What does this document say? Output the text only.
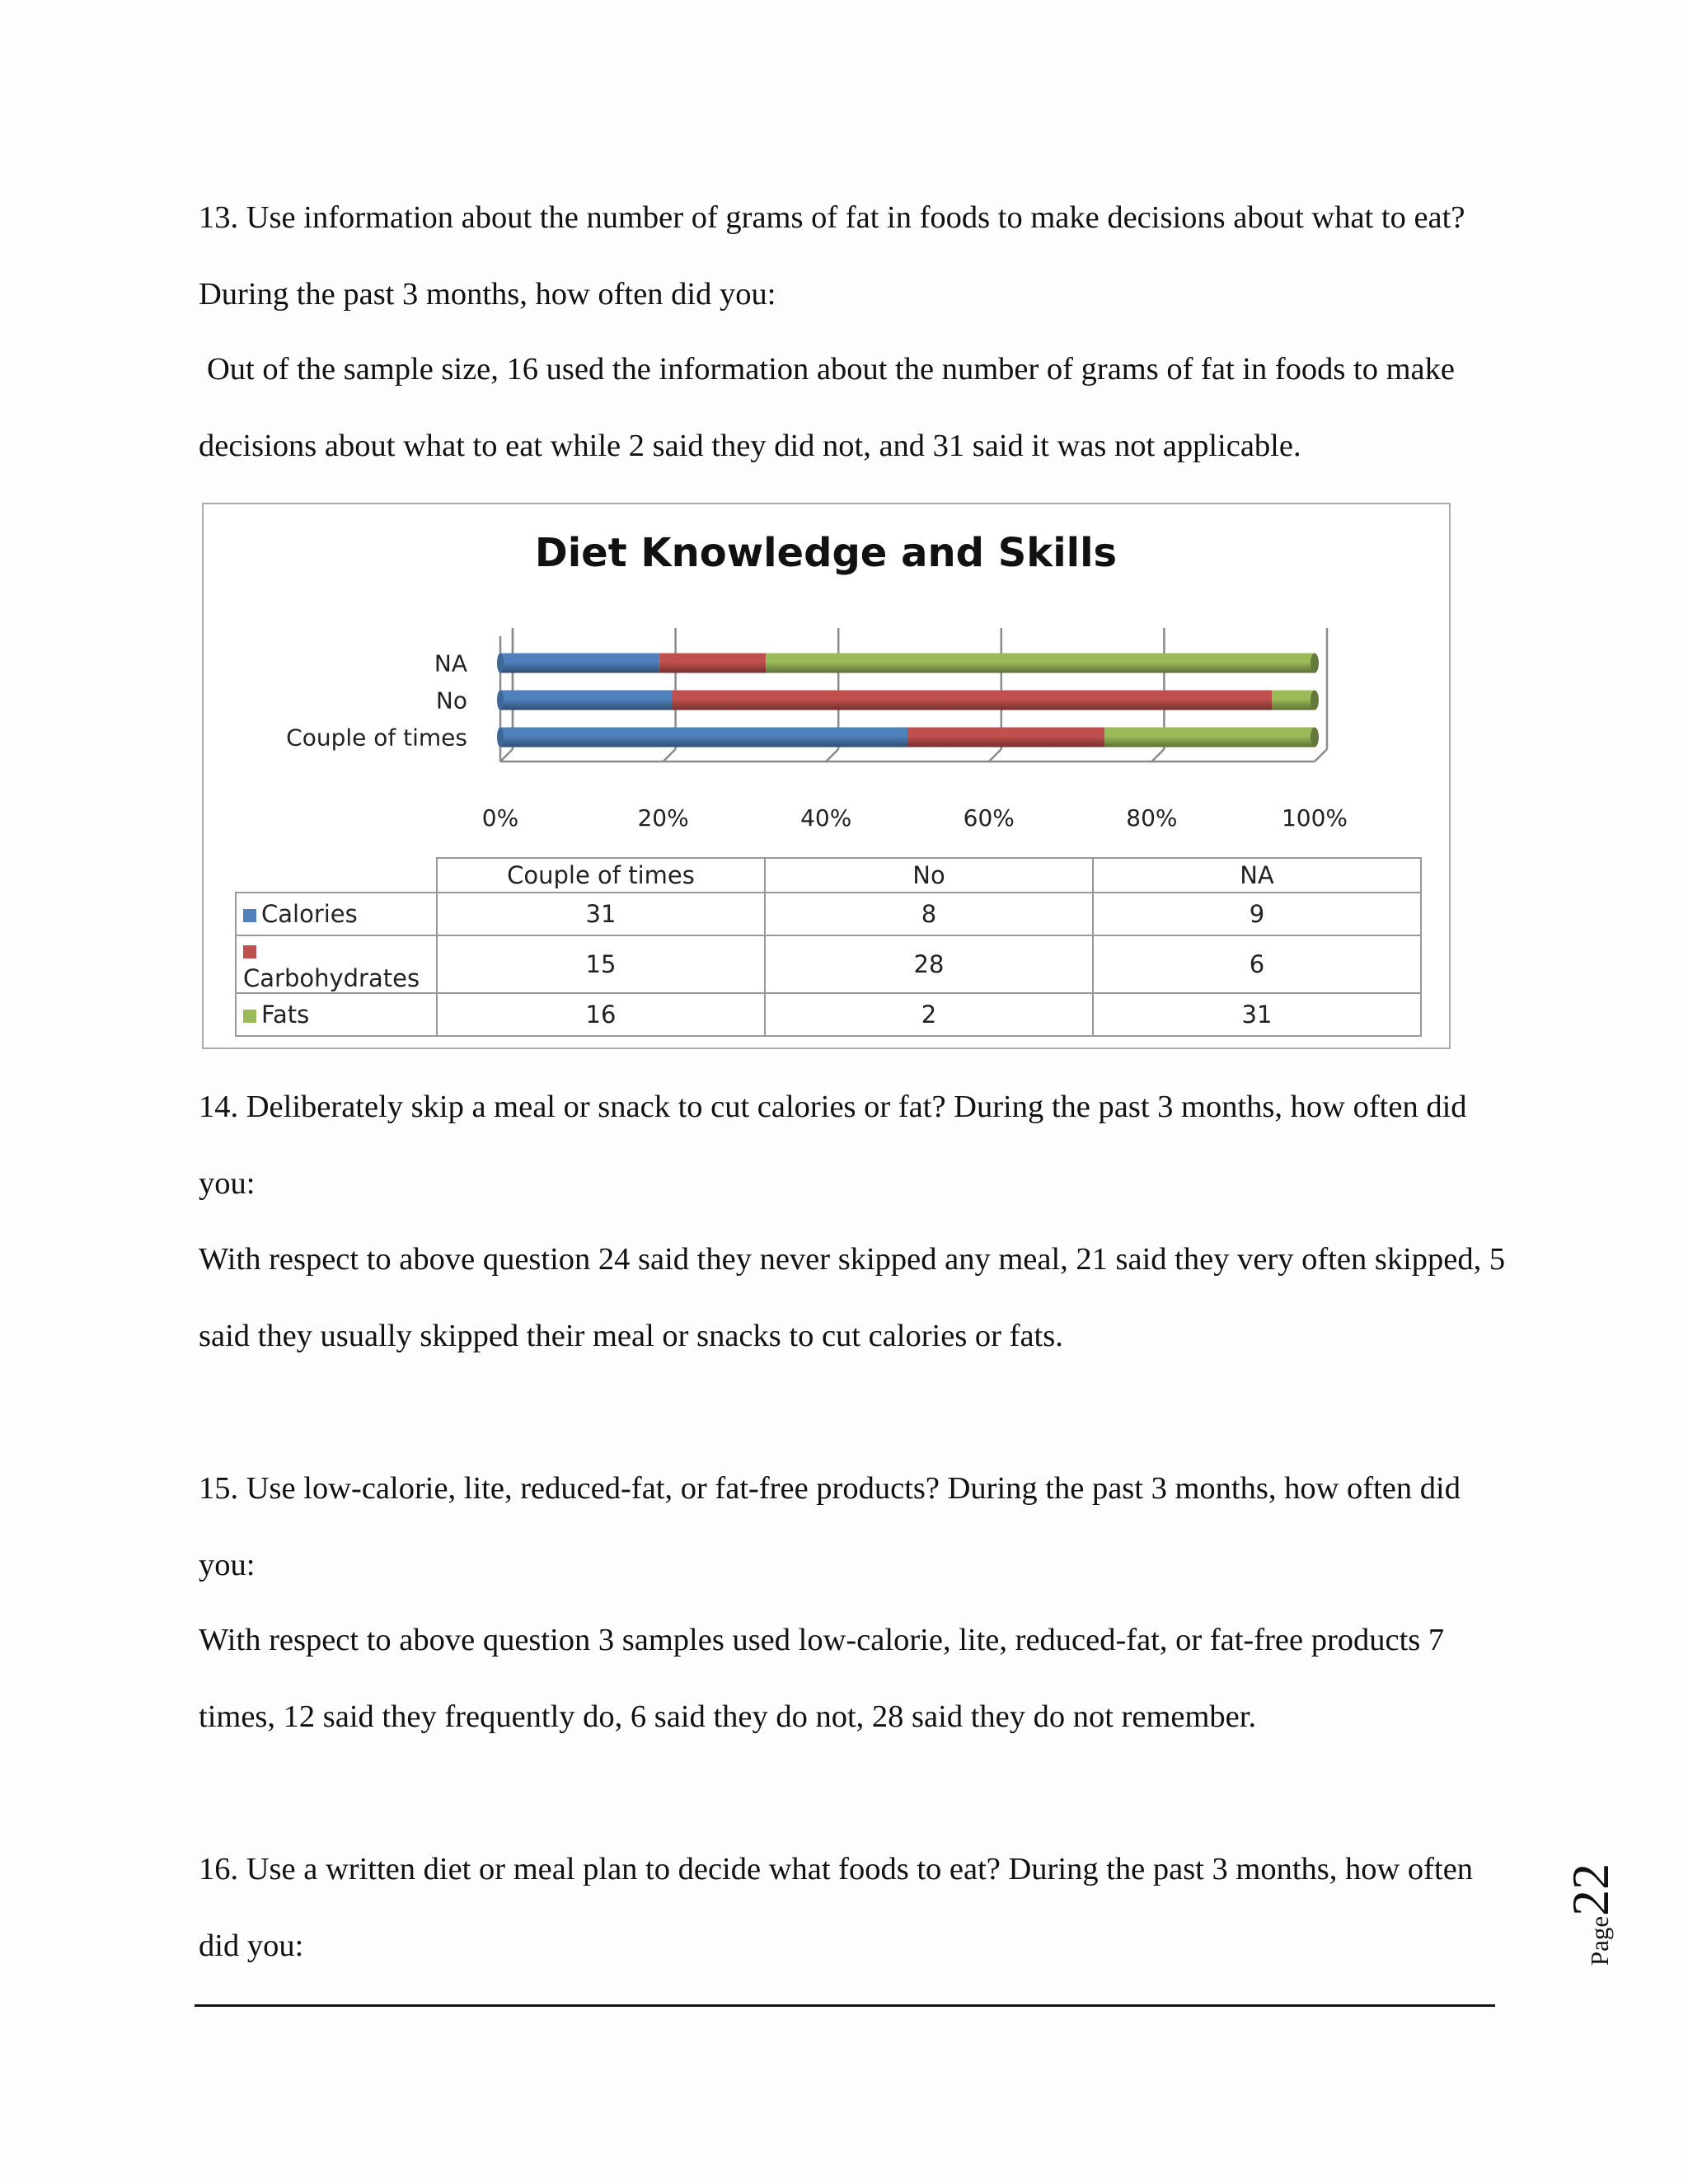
13. Use information about the number of grams of fat in foods to make decisions about what to eat? During the past 3 months, how often did you:

Out of the sample size, 16 used the information about the number of grams of fat in foods to make decisions about what to eat while 2 said they did not, and 31 said it was not applicable.

Diet Knowledge and Skills
0%	20%	40%	60%	80%	100%
Couple of times
No
NA
	Couple of times	No	NA
Calories	31	8	9
Carbohydrates	15	28	6
Fats	16	2	31

14. Deliberately skip a meal or snack to cut calories or fat? During the past 3 months, how often did you:

With respect to above question 24 said they never skipped any meal, 21 said they very often skipped, 5 said they usually skipped their meal or snacks to cut calories or fats.

15. Use low-calorie, lite, reduced-fat, or fat-free products? During the past 3 months, how often did you:

With respect to above question 3 samples used low-calorie, lite, reduced-fat, or fat-free products 7 times, 12 said they frequently do, 6 said they do not, 28 said they do not remember.

16. Use a written diet or meal plan to decide what foods to eat? During the past 3 months, how often did you:	Page22
